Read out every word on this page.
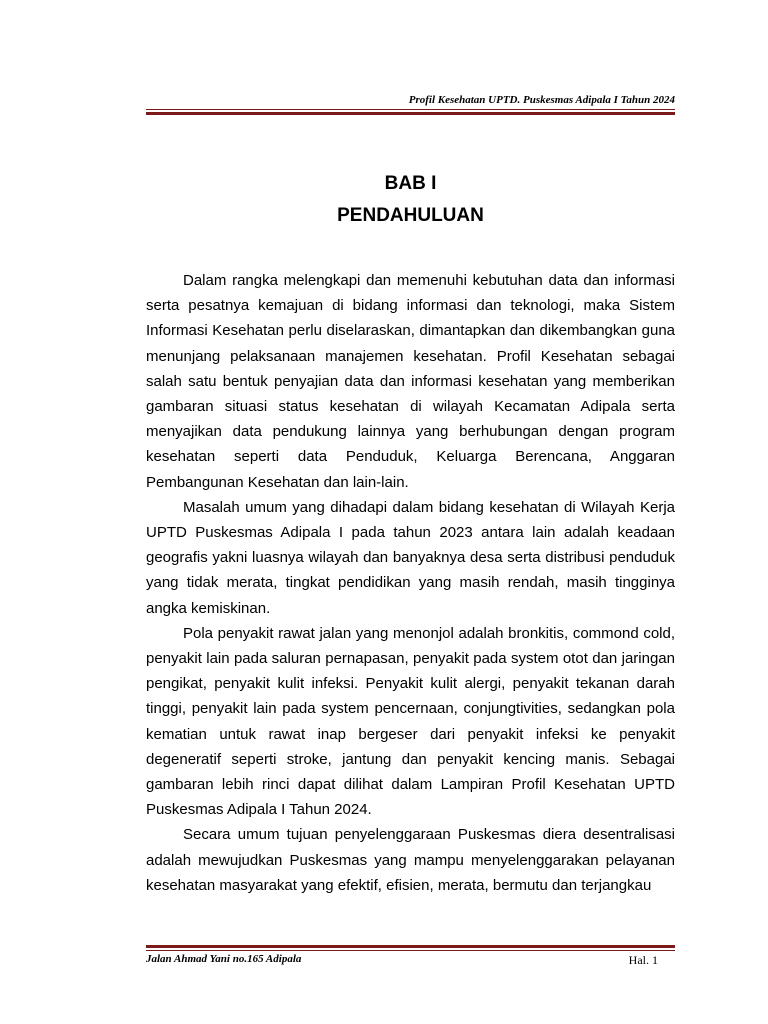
Profil Kesehatan UPTD. Puskesmas Adipala I Tahun 2024
BAB I
PENDAHULUAN

Dalam rangka melengkapi dan memenuhi kebutuhan data dan informasi serta pesatnya kemajuan di bidang informasi dan teknologi, maka Sistem Informasi Kesehatan perlu diselaraskan, dimantapkan dan dikembangkan guna menunjang pelaksanaan manajemen kesehatan. Profil Kesehatan sebagai salah satu bentuk penyajian data dan informasi kesehatan yang memberikan gambaran situasi status kesehatan di wilayah Kecamatan Adipala serta menyajikan data pendukung lainnya yang berhubungan dengan program kesehatan seperti data Penduduk, Keluarga Berencana, Anggaran Pembangunan Kesehatan dan lain-lain.

Masalah umum yang dihadapi dalam bidang kesehatan di Wilayah Kerja UPTD Puskesmas Adipala I pada tahun 2023 antara lain adalah keadaan geografis yakni luasnya wilayah dan banyaknya desa serta distribusi penduduk yang tidak merata, tingkat pendidikan yang masih rendah, masih tingginya angka kemiskinan.

Pola penyakit rawat jalan yang menonjol adalah bronkitis, commond cold, penyakit lain pada saluran pernapasan, penyakit pada system otot dan jaringan pengikat, penyakit kulit infeksi. Penyakit kulit alergi, penyakit tekanan darah tinggi, penyakit lain pada system pencernaan, conjungtivities, sedangkan pola kematian untuk rawat inap bergeser dari penyakit infeksi ke penyakit degeneratif seperti stroke, jantung dan penyakit kencing manis. Sebagai gambaran lebih rinci dapat dilihat dalam Lampiran Profil Kesehatan UPTD Puskesmas Adipala I Tahun 2024.

Secara umum tujuan penyelenggaraan Puskesmas diera desentralisasi adalah mewujudkan Puskesmas yang mampu menyelenggarakan pelayanan kesehatan masyarakat yang efektif, efisien, merata, bermutu dan terjangkau

Jalan Ahmad Yani no.165 Adipala	Hal. 1
